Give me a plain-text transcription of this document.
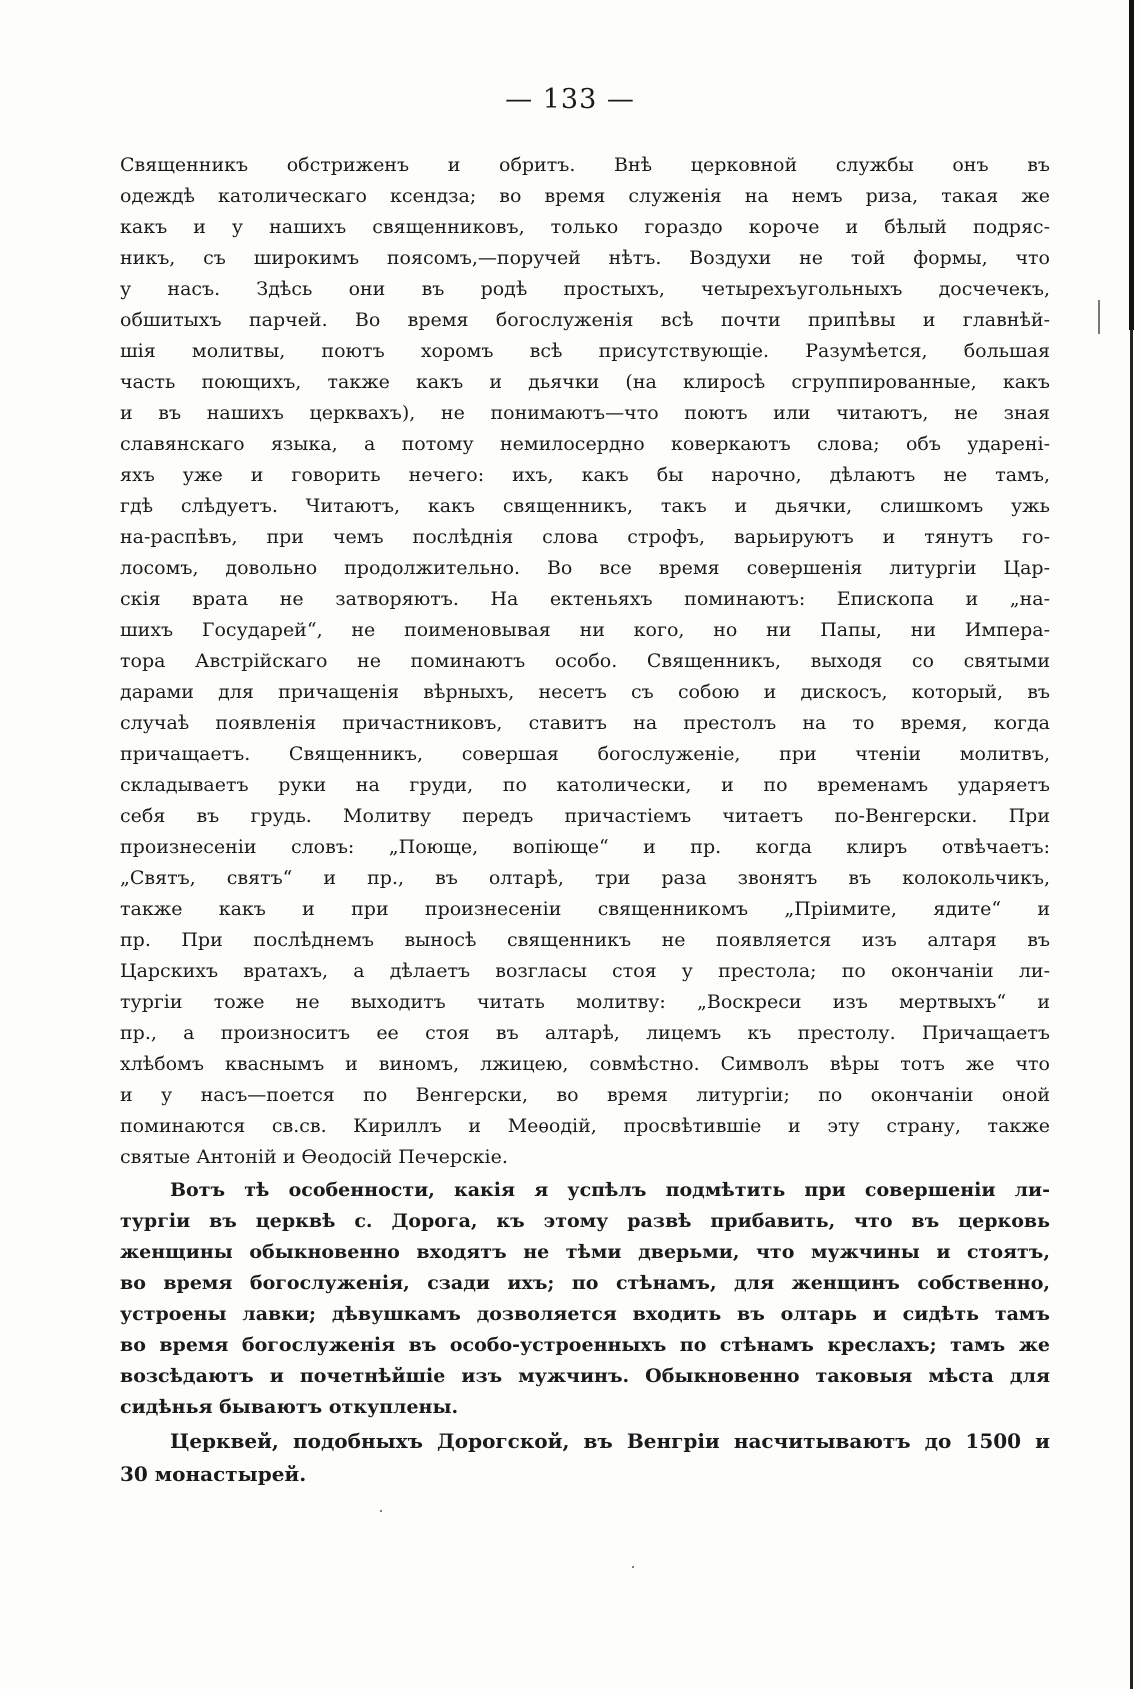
— 133 —
Священникъ обстриженъ и обритъ. Внѣ церковной службы онъ въ
одеждѣ католическаго ксендза; во время служенія на немъ риза, такая же
какъ и у нашихъ священниковъ, только гораздо короче и бѣлый подряс-
никъ, съ широкимъ поясомъ,—поручей нѣтъ. Воздухи не той формы, что
у насъ. Здѣсь они въ родѣ простыхъ, четырехъугольныхъ досчечекъ,
обшитыхъ парчей. Во время богослуженія всѣ почти припѣвы и главнѣй-
шія молитвы, поютъ хоромъ всѣ присутствующіе. Разумѣется, большая
часть поющихъ, также какъ и дьячки (на клиросѣ сгруппированные, какъ
и въ нашихъ церквахъ), не понимаютъ—что поютъ или читаютъ, не зная
славянскаго языка, а потому немилосердно коверкаютъ слова; объ ударені-
яхъ уже и говорить нечего: ихъ, какъ бы нарочно, дѣлаютъ не тамъ,
гдѣ слѣдуетъ. Читаютъ, какъ священникъ, такъ и дьячки, слишкомъ ужь
на-распѣвъ, при чемъ послѣднія слова строфъ, варьируютъ и тянутъ го-
лосомъ, довольно продолжительно. Во все время совершенія литургіи Цар-
скія врата не затворяютъ. На ектеньяхъ поминаютъ: Епископа и „на-
шихъ Государей“, не поименовывая ни кого, но ни Папы, ни Импера-
тора Австрійскаго не поминаютъ особо. Священникъ, выходя со святыми
дарами для причащенія вѣрныхъ, несетъ съ собою и дискосъ, который, въ
случаѣ появленія причастниковъ, ставитъ на престолъ на то время, когда
причащаетъ. Священникъ, совершая богослуженіе, при чтеніи молитвъ,
складываетъ руки на груди, по католически, и по временамъ ударяетъ
себя въ грудь. Молитву передъ причастіемъ читаетъ по-Венгерски. При
произнесеніи словъ: „Поюще, вопіюще“ и пр. когда клиръ отвѣчаетъ:
„Святъ, святъ“ и пр., въ олтарѣ, три раза звонятъ въ колокольчикъ,
также какъ и при произнесеніи священникомъ „Пріимите, ядите“ и
пр. При послѣднемъ выносѣ священникъ не появляется изъ алтаря въ
Царскихъ вратахъ, а дѣлаетъ возгласы стоя у престола; по окончаніи ли-
тургіи тоже не выходитъ читать молитву: „Воскреси изъ мертвыхъ“ и
пр., а произноситъ ее стоя въ алтарѣ, лицемъ къ престолу. Причащаетъ
хлѣбомъ кваснымъ и виномъ, лжицею, совмѣстно. Символъ вѣры тотъ же что
и у насъ—поется по Венгерски, во время литургіи; по окончаніи оной
поминаются св.св. Кириллъ и Меѳодій, просвѣтившіе и эту страну, также
святые Антоній и Ѳеодосій Печерскіе.
Вотъ тѣ особенности, какія я успѣлъ подмѣтить при совершеніи ли-
тургіи въ церквѣ с. Дорога, къ этому развѣ прибавить, что въ церковь
женщины обыкновенно входятъ не тѣми дверьми, что мужчины и стоятъ,
во время богослуженія, сзади ихъ; по стѣнамъ, для женщинъ собственно,
устроены лавки; дѣвушкамъ дозволяется входить въ олтарь и сидѣть тамъ
во время богослуженія въ особо-устроенныхъ по стѣнамъ креслахъ; тамъ же
возсѣдаютъ и почетнѣйшіе изъ мужчинъ. Обыкновенно таковыя мѣста для
сидѣнья бываютъ откуплены.
Церквей, подобныхъ Дорогской, въ Венгріи насчитываютъ до 1500 и
30 монастырей.
